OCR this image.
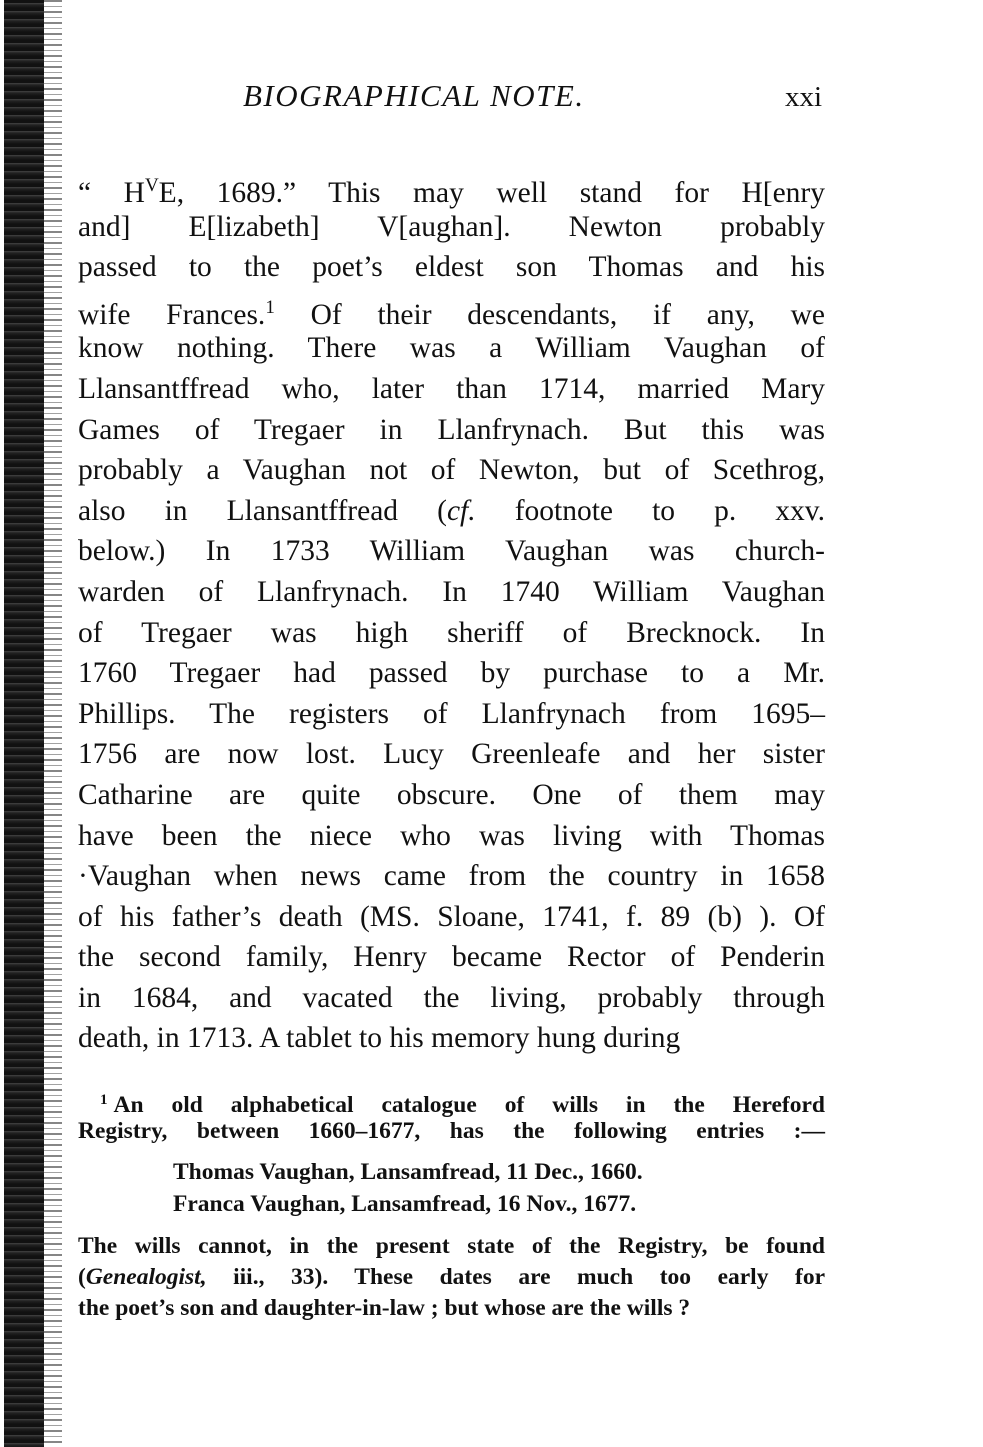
BIOGRAPHICAL NOTE.	xxi
“ $H^VE$, 1689.” This may well stand for H[enry
and] E[lizabeth] V[aughan]. Newton probably
passed to the poet’s eldest son Thomas and his
wife Frances.$^1$ Of their descendants, if any, we
know nothing. There was a William Vaughan of
Llansantffread who, later than 1714, married Mary
Games of Tregaer in Llanfrynach. But this was
probably a Vaughan not of Newton, but of Scethrog,
also in Llansantffread (cf. footnote to p. xxv.
below.) In 1733 William Vaughan was church-
warden of Llanfrynach. In 1740 William Vaughan
of Tregaer was high sheriff of Brecknock. In
1760 Tregaer had passed by purchase to a Mr.
Phillips. The registers of Llanfrynach from 1695–
1756 are now lost. Lucy Greenleafe and her sister
Catharine are quite obscure. One of them may
have been the niece who was living with Thomas
·Vaughan when news came from the country in 1658
of his father’s death (MS. Sloane, 1741, f. 89 (b) ). Of
the second family, Henry became Rector of Penderin
in 1684, and vacated the living, probably through
death, in 1713. A tablet to his memory hung during
$^1$ An old alphabetical catalogue of wills in the Hereford
Registry, between 1660–1677, has the following entries :—
Thomas Vaughan, Lansamfread, 11 Dec., 1660.
Franca Vaughan, Lansamfread, 16 Nov., 1677.
The wills cannot, in the present state of the Registry, be found
(Genealogist, iii., 33). These dates are much too early for
the poet’s son and daughter-in-law ; but whose are the wills ?
